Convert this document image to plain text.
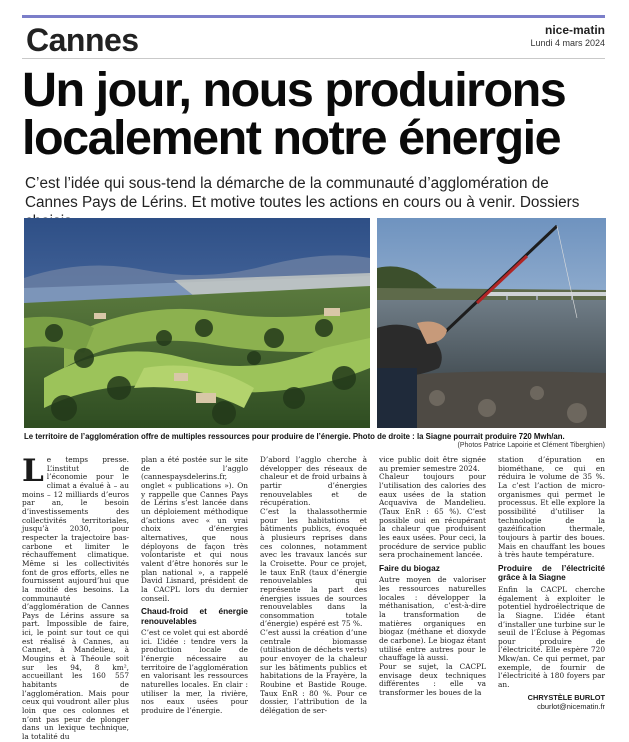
Cannes	nice-matin
Lundi 4 mars 2024
Un jour, nous produirons
localement notre énergie
C’est l’idée qui sous-tend la démarche de la communauté d’agglomération de Cannes Pays de Lérins. Et motive toutes les actions en cours ou à venir. Dossiers
Le territoire de l’agglomération offre de multiples ressources pour produire de l’énergie. Photo de droite : la Siagne pourrait produire 720 Mwh/an.
(Photos Patrice Lapoirie et Clément Tiberghien)

Le temps presse. L’institut de l’économie pour le climat a évalué à – au moins – 12 milliards d’euros par an, le besoin d’investissements des collectivités territoriales, jusqu’à 2030, pour respecter la trajectoire bas-carbone et limiter le réchauffement climatique. Même si les collectivités font de gros efforts, elles ne fournissent aujourd’hui que la moitié des besoins. La communauté d’agglomération de Cannes Pays de Lérins assure sa part. Impossible de faire, ici, le point sur tout ce qui est réalisé à Cannes, au Cannet, à Mandelieu, à Mougins et à Théoule soit sur les 94, 8 km², accueillant les 160 557 habitants de l’agglomération. Mais pour ceux qui voudront aller plus loin que ces colonnes et n’ont pas peur de plonger dans un lexique technique, la totalité du

plan a été postée sur le site de l’agglo (cannespaysdelerins.fr, onglet « publications »). On y rappelle que Cannes Pays de Lérins s’est lancée dans un déploiement méthodique d’actions avec « un vrai choix d’énergies alternatives, que nous déployons de façon très volontariste et qui nous valent d’être honorés sur le plan national », a rappelé David Lisnard, président de la CACPL lors du dernier conseil.

Chaud-froid et énergie renouvelables

C’est ce volet qui est abordé ici. L’idée : tendre vers la production locale de l’énergie nécessaire au territoire de l’agglomération en valorisant les ressources naturelles locales. En clair : utiliser la mer, la rivière, nos eaux usées pour produire de l’énergie.

D’abord l’agglo cherche à développer des réseaux de chaleur et de froid urbains à partir d’énergies renouvelables et de récupération.

C’est la thalassothermie pour les habitations et bâtiments publics, évoquée à plusieurs reprises dans ces colonnes, notamment avec les travaux lancés sur la Croisette. Pour ce projet, le taux EnR (taux d’énergie renouvelables qui représente la part des énergies issues de sources renouvelables dans la consommation totale d’énergie) espéré est 75 %.

C’est aussi la création d’une centrale biomasse (utilisation de déchets verts) pour envoyer de la chaleur sur les bâtiments publics et habitations de la Frayère, la Roubine et Bastide Rouge. Taux EnR : 80 %. Pour ce dossier, l’attribution de la délégation de ser-

vice public doit être signée au premier semestre 2024.

Chaleur toujours pour l’utilisation des calories des eaux usées de la station Acquaviva de Mandelieu. (Taux EnR : 65 %). C’est possible oui en récupérant la chaleur que produisent les eaux usées. Pour ceci, la procédure de service public sera prochainement lancée.

Faire du biogaz

Autre moyen de valoriser les ressources naturelles locales : développer la méthanisation, c’est-à-dire la transformation de matières organiques en biogaz (méthane et dioxyde de carbone). Le biogaz étant utilisé entre autres pour le chauffage là aussi.

Pour se sujet, la CACPL envisage deux techniques différentes : elle va transformer les boues de la

station d’épuration en biométhane, ce qui en réduira le volume de 35 %. La c’est l’action de micro-organismes qui permet le processus. Et elle explore la possibilité d’utiliser la technologie de la gazéification thermale, toujours à partir des boues. Mais en chauffant les boues à très haute température.

Produire de l’électricité grâce à la Siagne

Enfin la CACPL cherche également à exploiter le potentiel hydroélectrique de la Siagne. L’idée étant d’installer une turbine sur le seuil de l’Écluse à Pégomas pour produire de l’électricité. Elle espère 720 Mkw/an. Ce qui permet, par exemple, de fournir de l’électricité à 180 foyers par an.

CHRYSTÈLE BURLOT
cburlot@nicematin.fr
